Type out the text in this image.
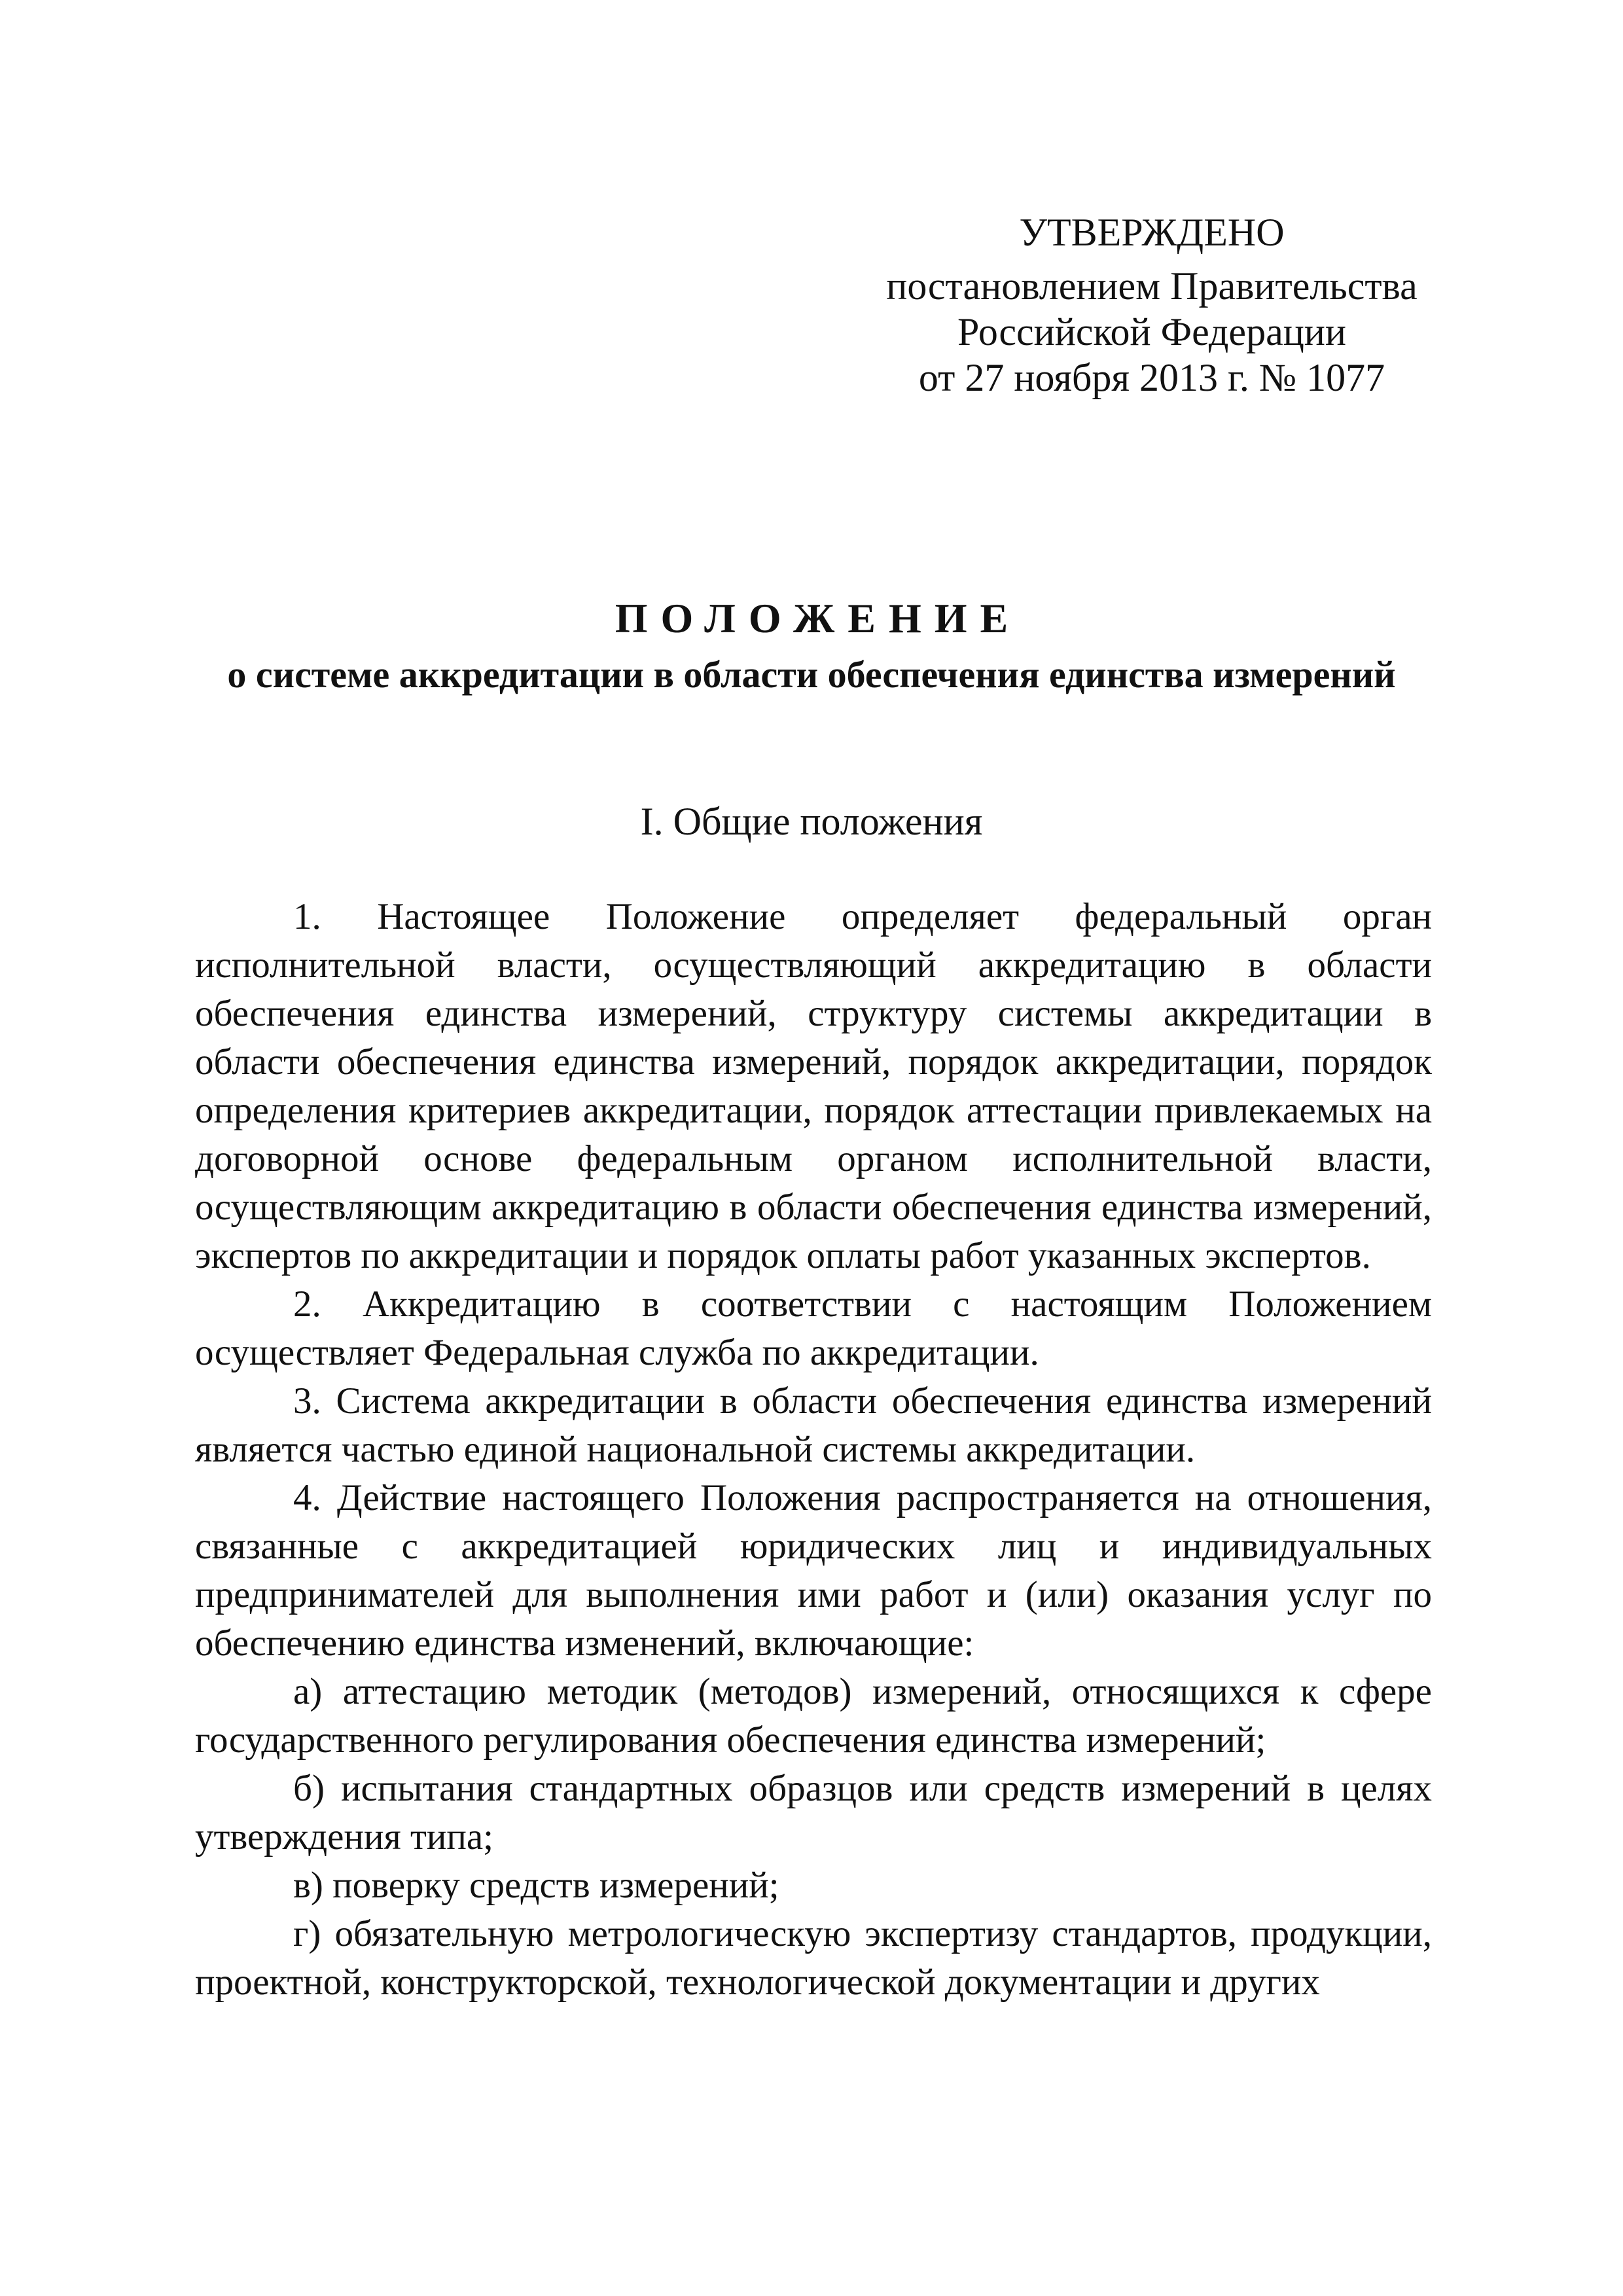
УТВЕРЖДЕНО
постановлением Правительства
Российской Федерации
от 27 ноября 2013 г. № 1077
ПОЛОЖЕНИЕ
о системе аккредитации в области обеспечения единства измерений
I. Общие положения

1. Настоящее Положение определяет федеральный орган исполнительной власти, осуществляющий аккредитацию в области обеспечения единства измерений, структуру системы аккредитации в области обеспечения единства измерений, порядок аккредитации, порядок определения критериев аккредитации, порядок аттестации привлекаемых на договорной основе федеральным органом исполнительной власти, осуществляющим аккредитацию в области обеспечения единства измерений, экспертов по аккредитации и порядок оплаты работ указанных экспертов.

2. Аккредитацию в соответствии с настоящим Положением осуществляет Федеральная служба по аккредитации.

3. Система аккредитации в области обеспечения единства измерений является частью единой национальной системы аккредитации.

4. Действие настоящего Положения распространяется на отношения, связанные с аккредитацией юридических лиц и индивидуальных предпринимателей для выполнения ими работ и (или) оказания услуг по обеспечению единства изменений, включающие:

а) аттестацию методик (методов) измерений, относящихся к сфере государственного регулирования обеспечения единства измерений;

б) испытания стандартных образцов или средств измерений в целях утверждения типа;

в) поверку средств измерений;

г) обязательную метрологическую экспертизу стандартов, продукции, проектной, конструкторской, технологической документации и других
